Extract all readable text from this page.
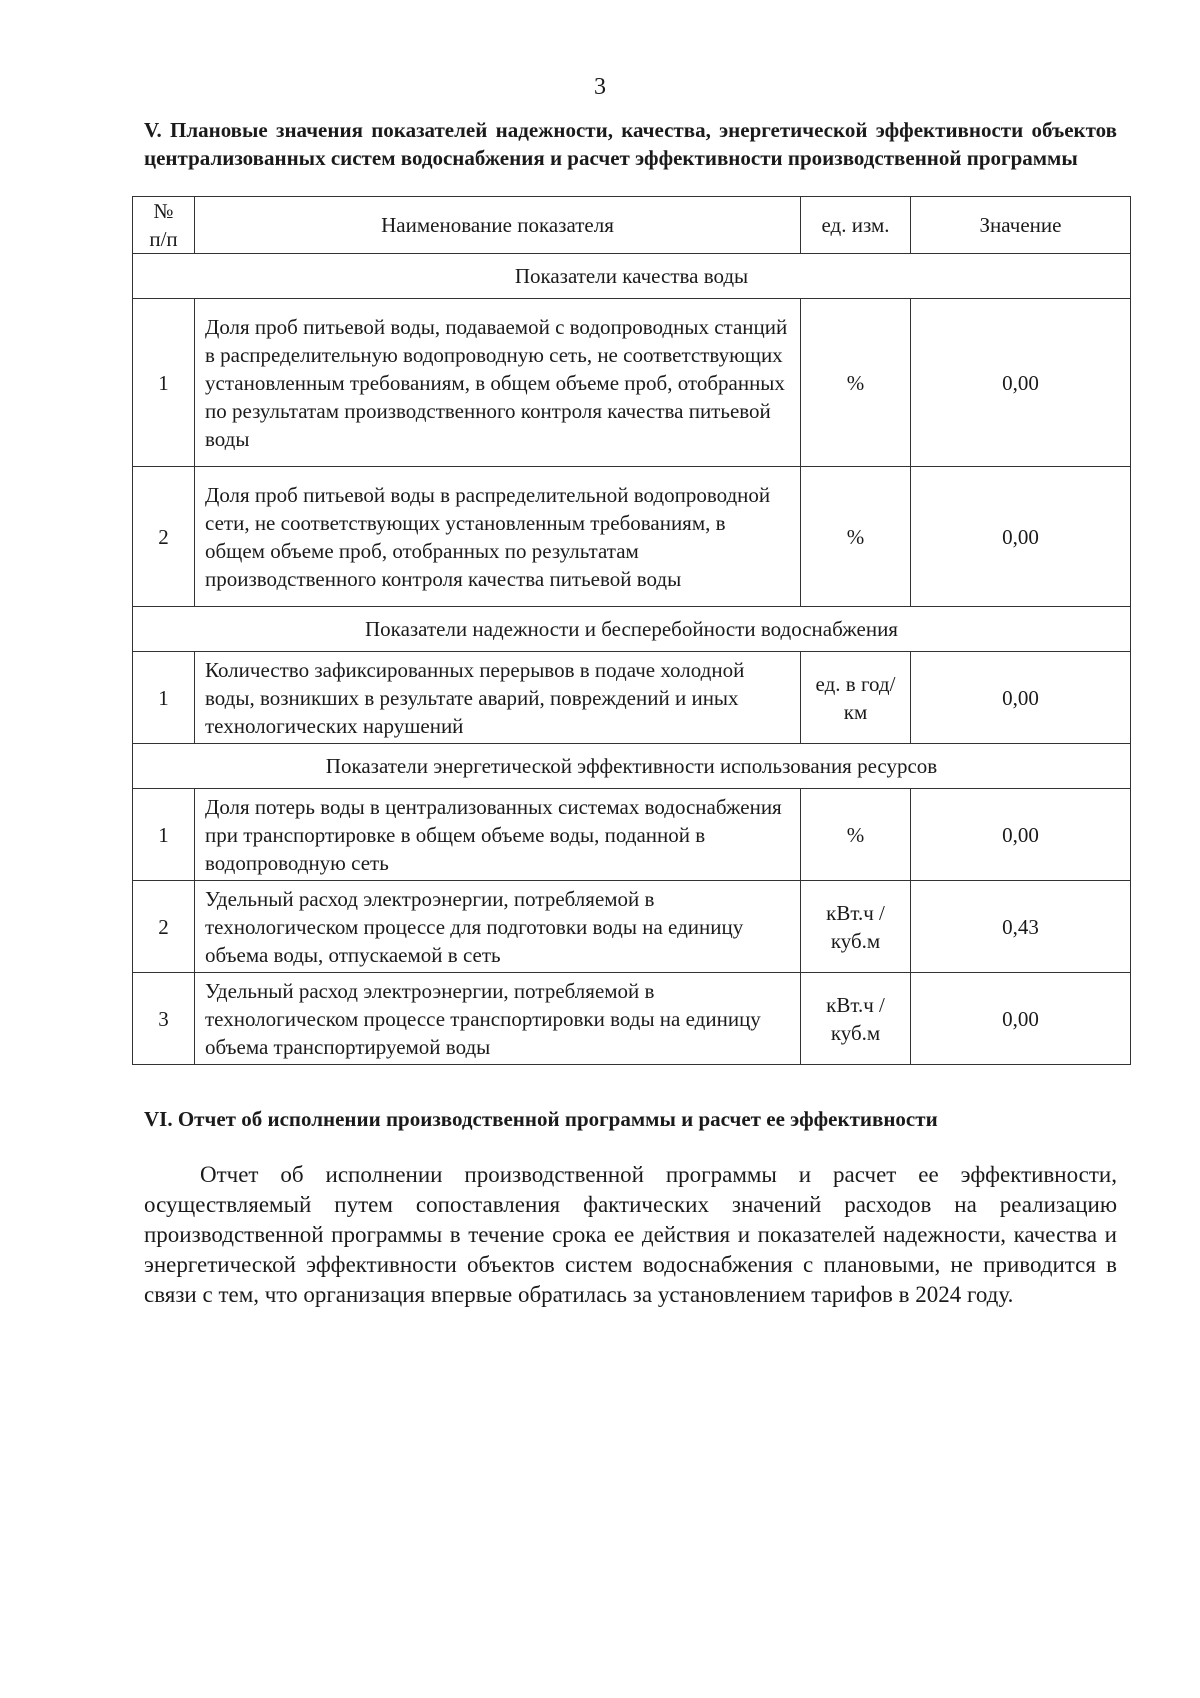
3
V. Плановые значения показателей надежности, качества, энергетической эффективности объектов централизованных систем водоснабжения и расчет эффективности производственной программы
№ п/п	Наименование показателя	ед. изм.	Значение
Показатели качества воды			
1	Доля проб питьевой воды, подаваемой с водопроводных станций в распределительную водопроводную сеть, не соответствующих установленным требованиям, в общем объеме проб, отобранных по результатам производственного контроля качества питьевой воды	%	0,00
2	Доля проб питьевой воды в распределительной водопроводной сети, не соответствующих установленным требованиям, в общем объеме проб, отобранных по результатам производственного контроля качества питьевой воды	%	0,00
Показатели надежности и бесперебойности водоснабжения			
1	Количество зафиксированных перерывов в подаче холодной воды, возникших в результате аварий, повреждений и иных технологических нарушений	ед. в год/ км	0,00
Показатели энергетической эффективности использования ресурсов			
1	Доля потерь воды в централизованных системах водоснабжения при транспортировке в общем объеме воды, поданной в водопроводную сеть	%	0,00
2	Удельный расход электроэнергии, потребляемой в технологическом процессе для подготовки воды на единицу объема воды, отпускаемой в сеть	кВт.ч / куб.м	0,43
3	Удельный расход электроэнергии, потребляемой в технологическом процессе транспортировки воды на единицу объема транспортируемой воды	кВт.ч / куб.м	0,00
VI. Отчет об исполнении производственной программы и расчет ее эффективности

Отчет об исполнении производственной программы и расчет ее эффективности, осуществляемый путем сопоставления фактических значений расходов на реализацию производственной программы в течение срока ее действия и показателей надежности, качества и энергетической эффективности объектов систем водоснабжения с плановыми, не приводится в связи с тем, что организация впервые обратилась за установлением тарифов в 2024 году.
